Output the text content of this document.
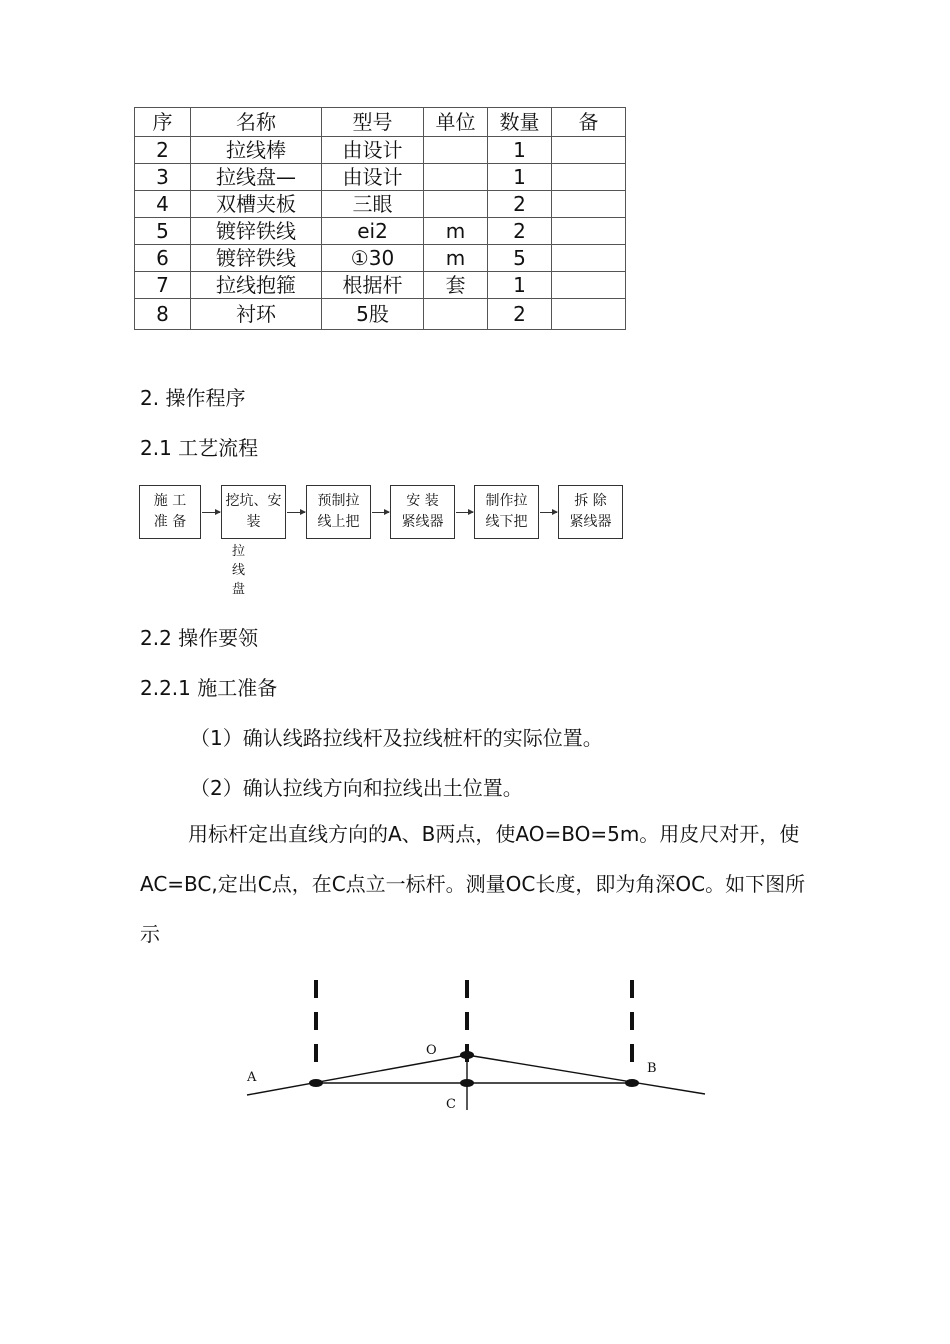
序	名称	型号	单位	数量	备
2	拉线棒	由设计		1	
3	拉线盘—	由设计		1	
4	双槽夹板	三眼		2	
5	镀锌铁线	ei2	m	2	
6	镀锌铁线	①30	m	5	
7	拉线抱箍	根据杆	套	1	
8	衬环	5股		2	
2. 操作程序
2.1 工艺流程
施 工
准 备
挖坑、安
装
预制拉
线上把
安 装
紧线器
制作拉
线下把
拆 除
紧线器
拉线盘
2.2 操作要领
2.2.1 施工准备
（1）确认线路拉线杆及拉线桩杆的实际位置。
（2）确认拉线方向和拉线出土位置。
用标杆定出直线方向的A、B两点，使AO=BO=5m。用皮尺对开，使AC=BC,定出C点，在C点立一标杆。测量OC长度，即为角深OC。如下图所示
A
B
O
C
